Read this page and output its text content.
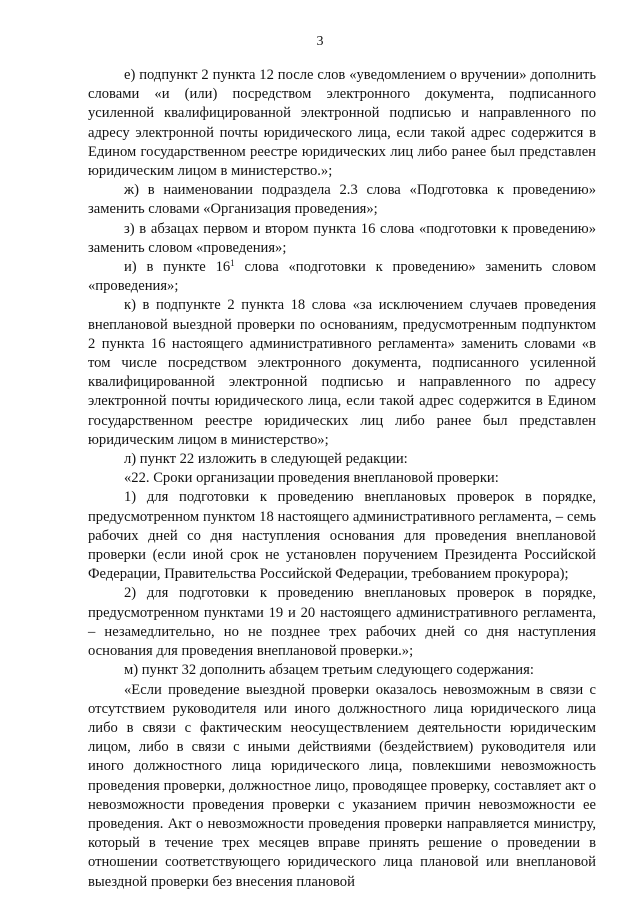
3

е) подпункт 2 пункта 12 после слов «уведомлением о вручении» дополнить словами «и (или) посредством электронного документа, подписанного усиленной квалифицированной электронной подписью и направленного по адресу электронной почты юридического лица, если такой адрес содержится в Едином государственном реестре юридических лиц либо ранее был представлен юридическим лицом в министерство.»;

ж) в наименовании подраздела 2.3 слова «Подготовка к проведению» заменить словами «Организация проведения»;

з) в абзацах первом и втором пункта 16 слова «подготовки к проведению» заменить словом «проведения»;

и) в пункте $16^1$ слова «подготовки к проведению» заменить словом «проведения»;

к) в подпункте 2 пункта 18 слова «за исключением случаев проведения внеплановой выездной проверки по основаниям, предусмотренным подпунктом 2 пункта 16 настоящего административного регламента» заменить словами «в том числе посредством электронного документа, подписанного усиленной квалифицированной электронной подписью и направленного по адресу электронной почты юридического лица, если такой адрес содержится в Едином государственном реестре юридических лиц либо ранее был представлен юридическим лицом в министерство»;

л) пункт 22 изложить в следующей редакции:

«22. Сроки организации проведения внеплановой проверки:

1) для подготовки к проведению внеплановых проверок в порядке, предусмотренном пунктом 18 настоящего административного регламента, – семь рабочих дней со дня наступления основания для проведения внеплановой проверки (если иной срок не установлен поручением Президента Российской Федерации, Правительства Российской Федерации, требованием прокурора);

2) для подготовки к проведению внеплановых проверок в порядке, предусмотренном пунктами 19 и 20 настоящего административного регламента, – незамедлительно, но не позднее трех рабочих дней со дня наступления основания для проведения внеплановой проверки.»;

м) пункт 32 дополнить абзацем третьим следующего содержания:

«Если проведение выездной проверки оказалось невозможным в связи с отсутствием руководителя или иного должностного лица юридического лица либо в связи с фактическим неосуществлением деятельности юридическим лицом, либо в связи с иными действиями (бездействием) руководителя или иного должностного лица юридического лица, повлекшими невозможность проведения проверки, должностное лицо, проводящее проверку, составляет акт о невозможности проведения проверки с указанием причин невозможности ее проведения. Акт о невозможности проведения проверки направляется министру, который в течение трех месяцев вправе принять решение о проведении в отношении соответствующего юридического лица плановой или внеплановой выездной проверки без внесения плановой
